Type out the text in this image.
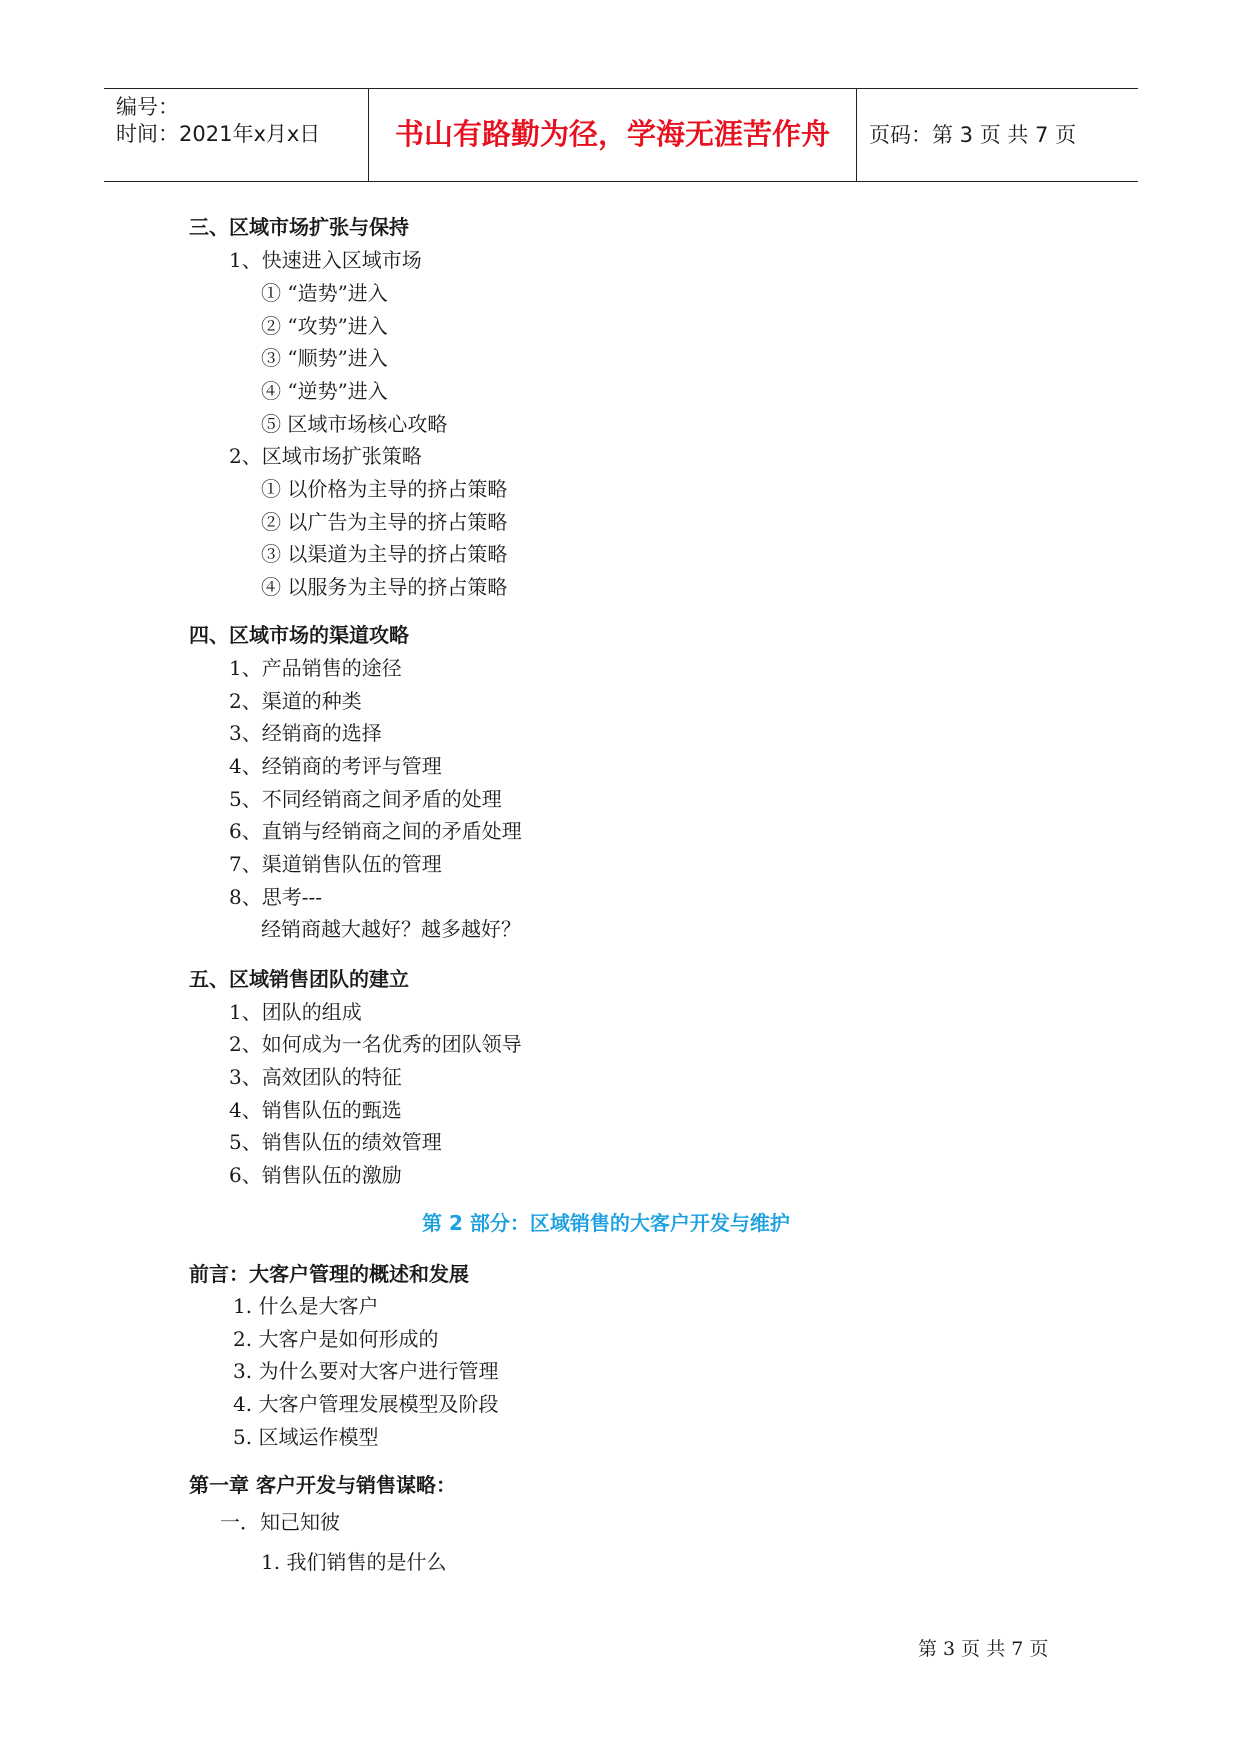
编号：
时间：2021年x月x日	书山有路勤为径，学海无涯苦作舟	页码：第 3 页 共 7 页
三、区域市场扩张与保持
1、快速进入区域市场
① “造势”进入
② “攻势”进入
③ “顺势”进入
④ “逆势”进入
⑤ 区域市场核心攻略
2、区域市场扩张策略
① 以价格为主导的挤占策略
② 以广告为主导的挤占策略
③ 以渠道为主导的挤占策略
④ 以服务为主导的挤占策略
四、区域市场的渠道攻略
1、产品销售的途径
2、渠道的种类
3、经销商的选择
4、经销商的考评与管理
5、不同经销商之间矛盾的处理
6、直销与经销商之间的矛盾处理
7、渠道销售队伍的管理
8、思考---
经销商越大越好？越多越好？
五、区域销售团队的建立
1、团队的组成
2、如何成为一名优秀的团队领导
3、高效团队的特征
4、销售队伍的甄选
5、销售队伍的绩效管理
6、销售队伍的激励
第 2 部分：区域销售的大客户开发与维护
前言：大客户管理的概述和发展
1. 什么是大客户
2. 大客户是如何形成的
3. 为什么要对大客户进行管理
4. 大客户管理发展模型及阶段
5. 区域运作模型
第一章 客户开发与销售谋略：
一．知己知彼
1. 我们销售的是什么
第 3 页 共 7 页
